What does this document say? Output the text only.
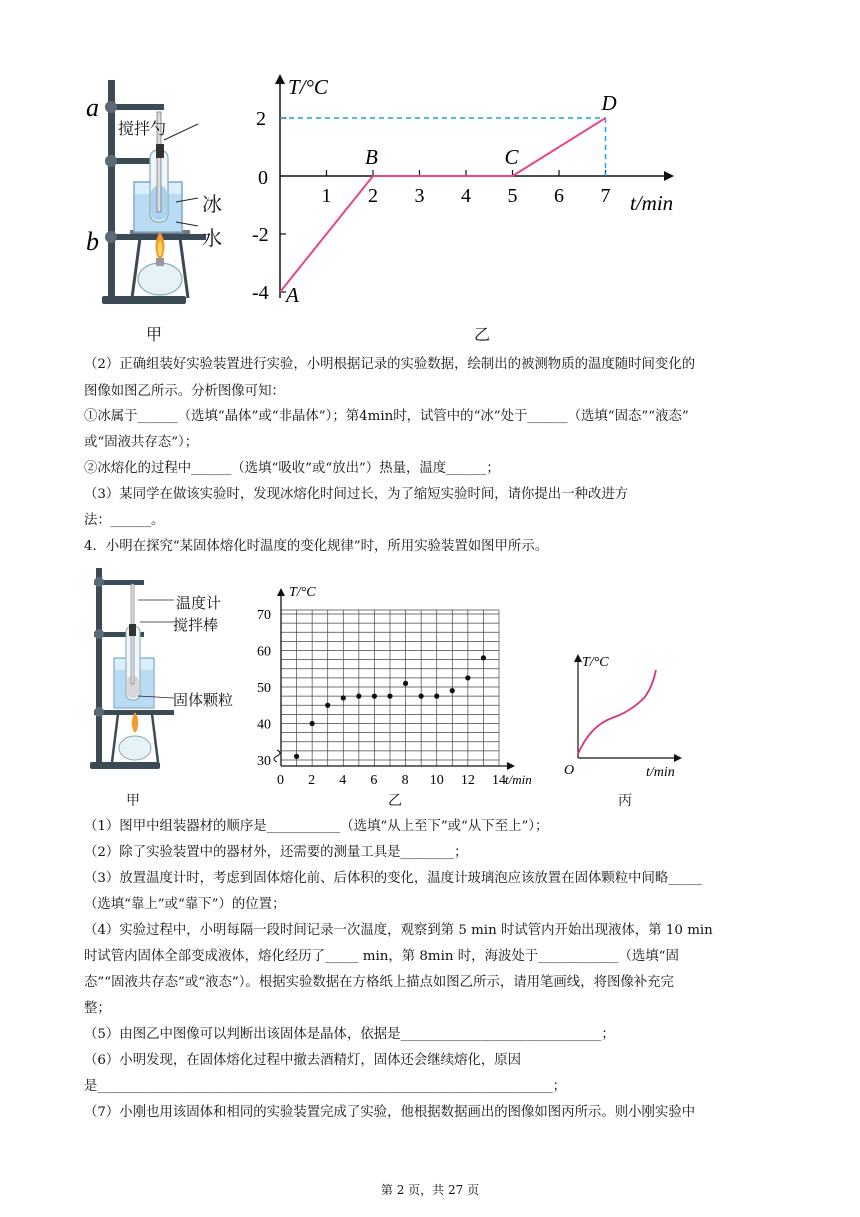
a
b
搅拌勺
冰
水
甲
T/°C
t/min
0
1 2 3 4 5 6 7
2
-2
-4 A
B	C
D
乙
（2）正确组装好实验装置进行实验，小明根据记录的实验数据，绘制出的被测物质的温度随时间变化的
图像如图乙所示。分析图像可知：
①冰属于______（选填“晶体”或“非晶体”）；第4min时，试管中的“冰”处于______（选填“固态”“液态”
或“固液共存态”）；
②冰熔化的过程中______（选填“吸收”或“放出”）热量，温度______；
（3）某同学在做该实验时，发现冰熔化时间过长，为了缩短实验时间，请你提出一种改进方
法：______。
4．小明在探究“某固体熔化时温度的变化规律”时，所用实验装置如图甲所示。
温度计
搅拌棒
固体颗粒
甲
T/°C
t/min
70
60
50
40
30
0 2 4 6 8 10 12 14
乙
T/°C
O	t/min
丙
（1）图甲中组装器材的顺序是___________（选填“从上至下”或“从下至上”）；
（2）除了实验装置中的器材外，还需要的测量工具是________；
（3）放置温度计时，考虑到固体熔化前、后体积的变化，温度计玻璃泡应该放置在固体颗粒中间略_____
（选填“靠上”或“靠下”）的位置；
（4）实验过程中，小明每隔一段时间记录一次温度，观察到第 5 min 时试管内开始出现液体，第 10 min
时试管内固体全部变成液体，熔化经历了_____ min，第 8min 时，海波处于____________（选填“固
态”“固液共存态”或“液态”）。根据实验数据在方格纸上描点如图乙所示，请用笔画线，将图像补充完
整；
（5）由图乙中图像可以判断出该固体是晶体，依据是______________________________；
（6）小明发现，在固体熔化过程中撤去酒精灯，固体还会继续熔化，原因
是____________________________________________________________________；
（7）小刚也用该固体和相同的实验装置完成了实验，他根据数据画出的图像如图丙所示。则小刚实验中
第 2 页，共 27 页
